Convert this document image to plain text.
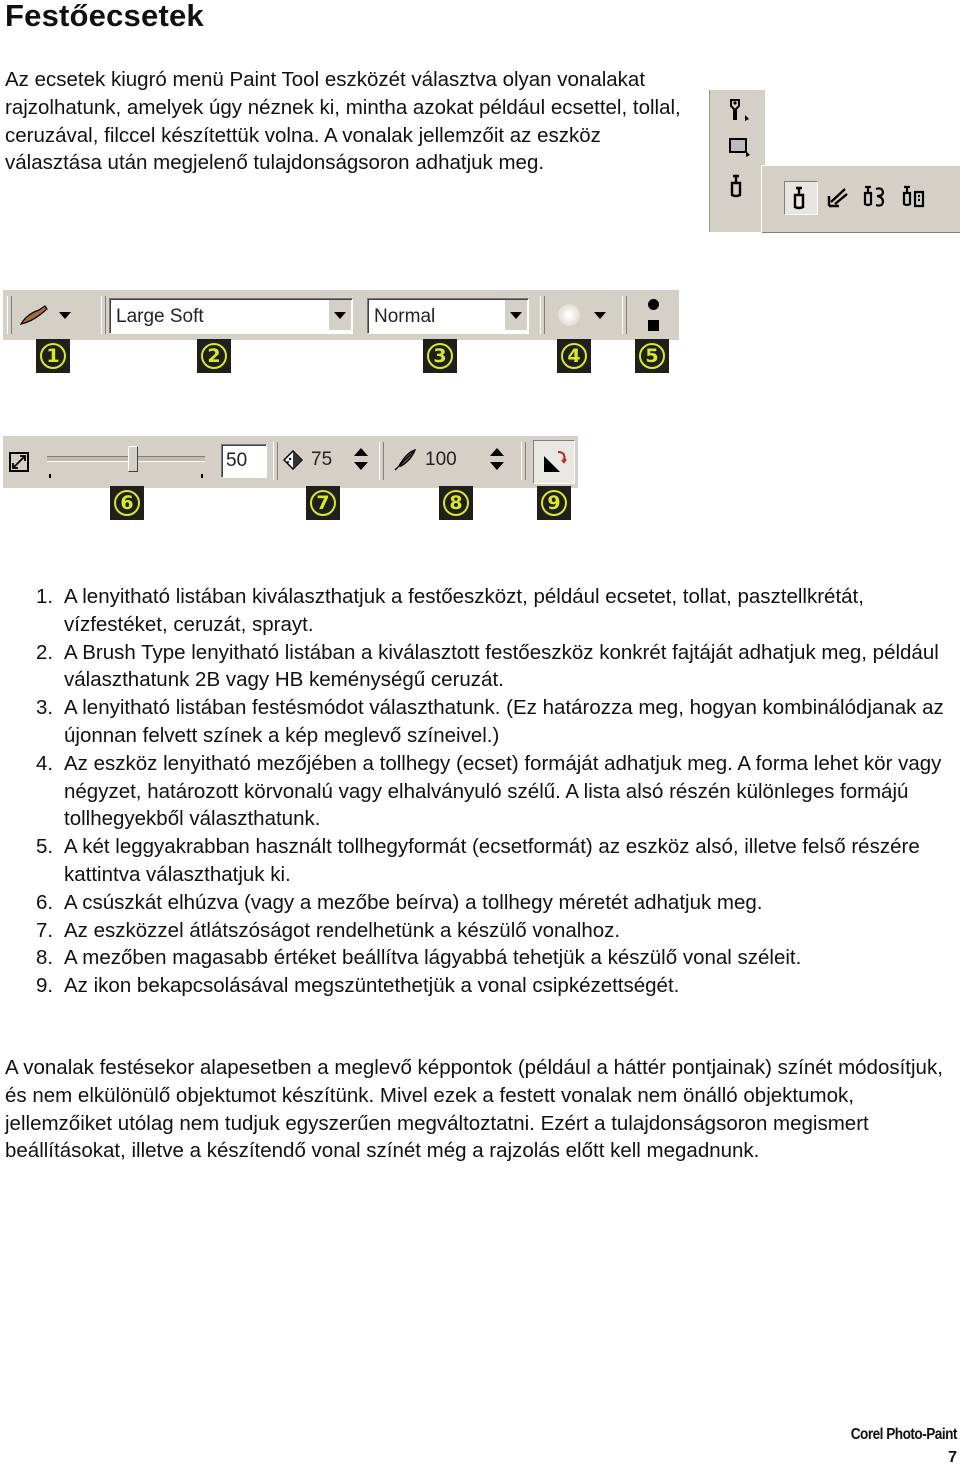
Festőecsetek

Az ecsetek kiugró menü Paint Tool eszközét választva olyan vonalakat rajzolhatunk, amelyek úgy néznek ki, mintha azokat például ecsettel, tollal, ceruzával, filccel készítettük volna. A vonalak jellemzőit az eszköz választása után megjelenő tulajdonságsoron adhatjuk meg.

Large Soft	Normal
1	2	3	4	5
50	75	100
6	7	8	9
1. A lenyitható listában kiválaszthatjuk a festőeszközt, például ecsetet, tollat, pasztellkrétát, vízfestéket, ceruzát, sprayt.
2. A Brush Type lenyitható listában a kiválasztott festőeszköz konkrét fajtáját adhatjuk meg, például választhatunk 2B vagy HB keménységű ceruzát.
3. A lenyitható listában festésmódot választhatunk. (Ez határozza meg, hogyan kombinálódjanak az újonnan felvett színek a kép meglevő színeivel.)
4. Az eszköz lenyitható mezőjében a tollhegy (ecset) formáját adhatjuk meg. A forma lehet kör vagy négyzet, határozott körvonalú vagy elhalványuló szélű. A lista alsó részén különleges formájú tollhegyekből választhatunk.
5. A két leggyakrabban használt tollhegyformát (ecsetformát) az eszköz alsó, illetve felső részére kattintva választhatjuk ki.
6. A csúszkát elhúzva (vagy a mezőbe beírva) a tollhegy méretét adhatjuk meg.
7. Az eszközzel átlátszóságot rendelhetünk a készülő vonalhoz.
8. A mezőben magasabb értéket beállítva lágyabbá tehetjük a készülő vonal széleit.
9. Az ikon bekapcsolásával megszüntethetjük a vonal csipkézettségét.

A vonalak festésekor alapesetben a meglevő képpontok (például a háttér pontjainak) színét módosítjuk, és nem elkülönülő objektumot készítünk. Mivel ezek a festett vonalak nem önálló objektumok, jellemzőiket utólag nem tudjuk egyszerűen megváltoztatni. Ezért a tulajdonságsoron megismert beállításokat, illetve a készítendő vonal színét még a rajzolás előtt kell megadnunk.

Corel Photo-Paint
7
